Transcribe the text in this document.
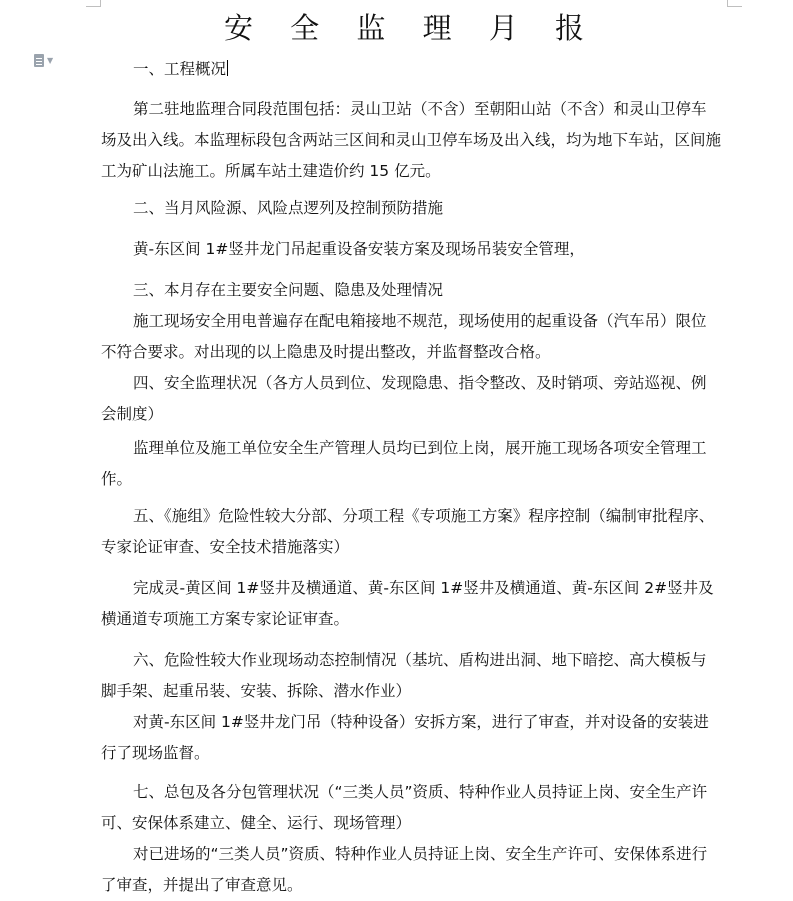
▼
安 全 监 理 月 报

一、工程概况

第二驻地监理合同段范围包括：灵山卫站（不含）至朝阳山站（不含）和灵山卫停车场及出入线。本监理标段包含两站三区间和灵山卫停车场及出入线，均为地下车站，区间施工为矿山法施工。所属车站土建造价约 15 亿元。

二、当月风险源、风险点逻列及控制预防措施

黄-东区间 1#竖井龙门吊起重设备安装方案及现场吊装安全管理，

三、本月存在主要安全问题、隐患及处理情况

施工现场安全用电普遍存在配电箱接地不规范，现场使用的起重设备（汽车吊）限位不符合要求。对出现的以上隐患及时提出整改，并监督整改合格。

四、安全监理状况（各方人员到位、发现隐患、指令整改、及时销项、旁站巡视、例会制度）

监理单位及施工单位安全生产管理人员均已到位上岗，展开施工现场各项安全管理工作。

五、《施组》危险性较大分部、分项工程《专项施工方案》程序控制（编制审批程序、专家论证审查、安全技术措施落实）

完成灵-黄区间 1#竖井及横通道、黄-东区间 1#竖井及横通道、黄-东区间 2#竖井及横通道专项施工方案专家论证审查。

六、危险性较大作业现场动态控制情况（基坑、盾构进出洞、地下暗挖、高大模板与脚手架、起重吊装、安装、拆除、潜水作业）

对黄-东区间 1#竖井龙门吊（特种设备）安拆方案，进行了审查，并对设备的安装进行了现场监督。

七、总包及各分包管理状况（“三类人员”资质、特种作业人员持证上岗、安全生产许可、安保体系建立、健全、运行、现场管理）

对已进场的“三类人员”资质、特种作业人员持证上岗、安全生产许可、安保体系进行了审查，并提出了审查意见。
